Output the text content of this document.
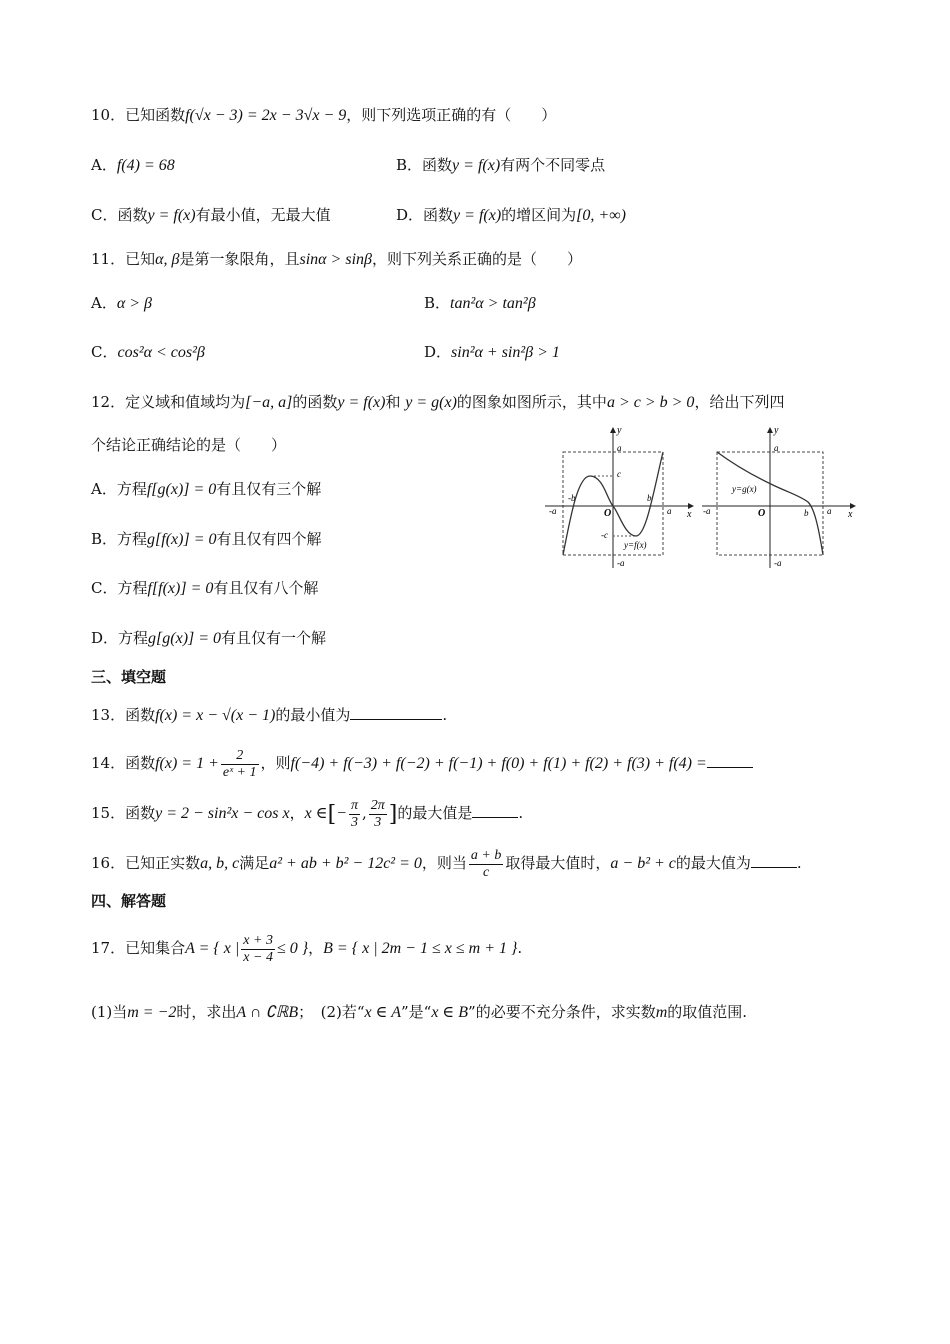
10．已知函数f(√x − 3) = 2x − 3√x − 9，则下列选项正确的有（　　）
A．f(4) = 68	B．函数y = f(x)有两个不同零点
C．函数y = f(x)有最小值，无最大值	D．函数y = f(x)的增区间为[0, +∞)
11．已知α, β是第一象限角，且sinα > sinβ，则下列关系正确的是（　　）
A．α > β	B．tan²α > tan²β
C．cos²α < cos²β	D．sin²α + sin²β > 1
12．定义域和值域均为[−a, a]的函数y = f(x)和 y = g(x)的图象如图所示，其中a > c > b > 0，给出下列四
个结论正确结论的是（　　）
A．方程f[g(x)] = 0有且仅有三个解
B．方程g[f(x)] = 0有且仅有四个解
C．方程f[f(x)] = 0有且仅有八个解
D．方程g[g(x)] = 0有且仅有一个解
y
x
a
-a
a
-a
c
-c
b
-b
O
y=f(x)
y
x
a
-a
a
-a	b
O
y=g(x)
三、填空题
13．函数f(x) = x − √(x − 1)的最小值为	.
14．函数$f(x) = 1 + \frac{2}{\text{eˣ + 1}}$ ，则f(−4) + f(−3) + f(−2) + f(−1) + f(0) + f(1) + f(2) + f(3) + f(4) =
15．函数y = 2 − sin²x − cos x，x ∈[− $\frac{\pi}{3}$ , $\frac{2\pi}{3}$ ]的最大值是	.
16．已知正实数a, b, c满足a² + ab + b² − 12c² = 0，则当 $\frac{a + b}{c}$ 取得最大值时，a − b² + c的最大值为	.
四、解答题
17．已知集合A = { x | $\frac{x + 3}{x - 4} \le 0$ }，B = { x | 2m − 1 ≤ x ≤ m + 1 }.
(1)当m = −2时，求出A ∩ ∁ℝB；　 (2)若“x ∈ A”是“x ∈ B”的必要不充分条件，求实数m的取值范围.
